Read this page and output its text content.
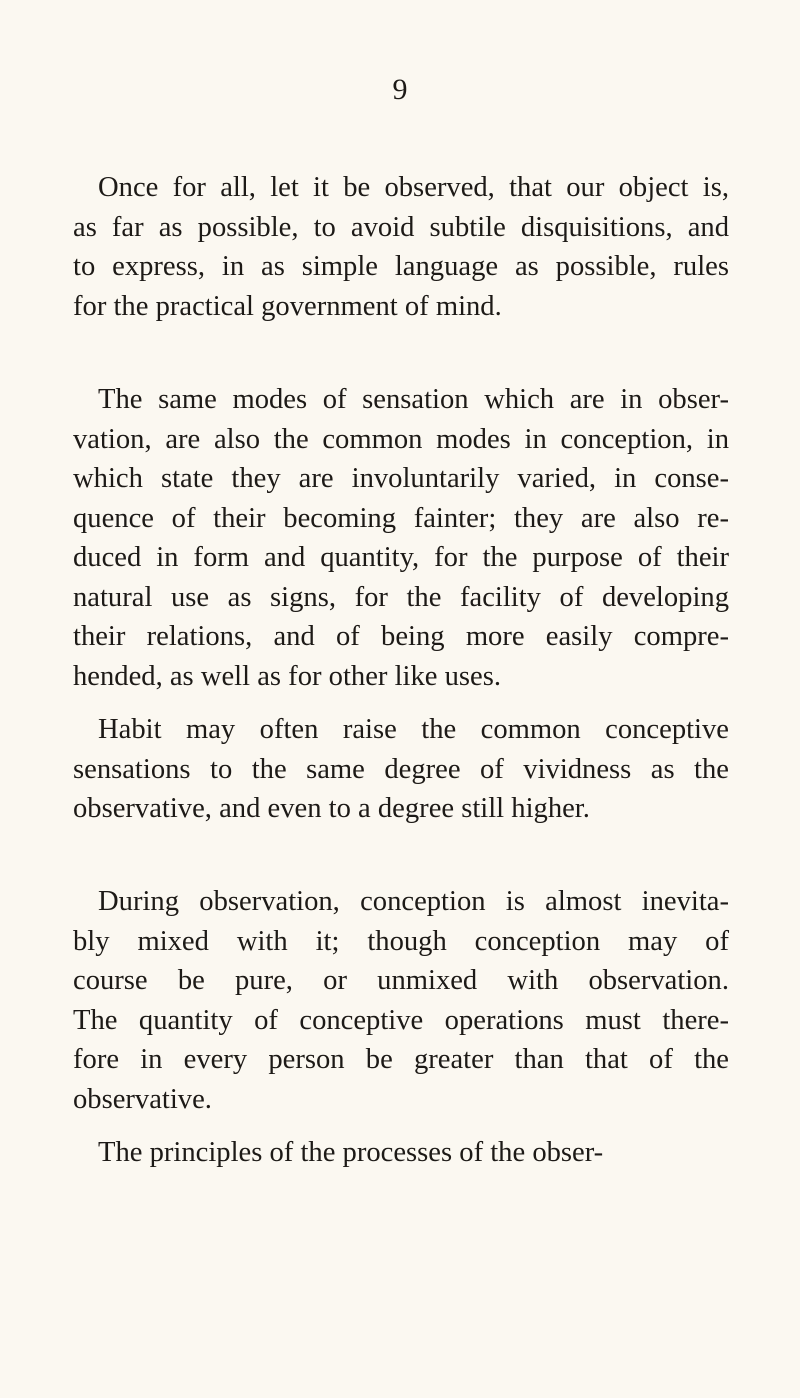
9
Once for all, let it be observed, that our object is,
as far as possible, to avoid subtile disquisitions, and
to express, in as simple language as possible, rules
for the practical government of mind.
The same modes of sensation which are in obser-
vation, are also the common modes in conception, in
which state they are involuntarily varied, in conse-
quence of their becoming fainter; they are also re-
duced in form and quantity, for the purpose of their
natural use as signs, for the facility of developing
their relations, and of being more easily compre-
hended, as well as for other like uses.
Habit may often raise the common conceptive
sensations to the same degree of vividness as the
observative, and even to a degree still higher.
During observation, conception is almost inevita-
bly mixed with it; though conception may of
course be pure, or unmixed with observation.
The quantity of conceptive operations must there-
fore in every person be greater than that of the
observative.
The principles of the processes of the obser-
